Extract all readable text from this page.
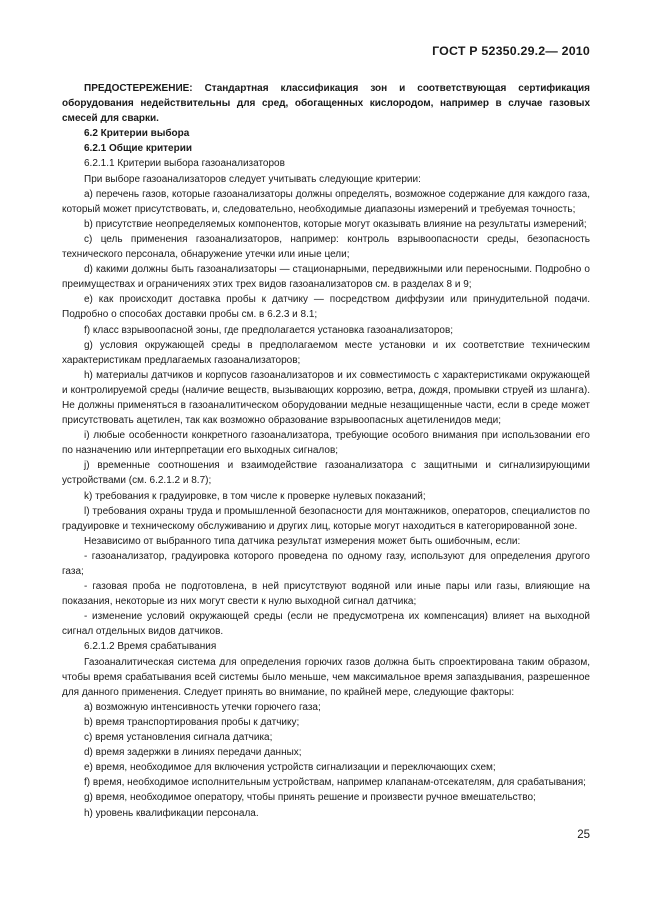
ГОСТ Р 52350.29.2— 2010

ПРЕДОСТЕРЕЖЕНИЕ: Стандартная классификация зон и соответствующая сертификация оборудования недействительны для сред, обогащенных кислородом, например в случае газовых смесей для сварки.

6.2 Критерии выбора

6.2.1 Общие критерии

6.2.1.1 Критерии выбора газоанализаторов

При выборе газоанализаторов следует учитывать следующие критерии:

а) перечень газов, которые газоанализаторы должны определять, возможное содержание для каждого газа, который может присутствовать, и, следовательно, необходимые диапазоны измерений и требуемая точность;

b) присутствие неопределяемых компонентов, которые могут оказывать влияние на результаты измерений;

c) цель применения газоанализаторов, например: контроль взрывоопасности среды, безопасность технического персонала, обнаружение утечки или иные цели;

d) какими должны быть газоанализаторы — стационарными, передвижными или переносными. Подробно о преимуществах и ограничениях этих трех видов газоанализаторов см. в разделах 8 и 9;

e) как происходит доставка пробы к датчику — посредством диффузии или принудительной подачи. Подробно о способах доставки пробы см. в 6.2.3 и 8.1;

f) класс взрывоопасной зоны, где предполагается установка газоанализаторов;

g) условия окружающей среды в предполагаемом месте установки и их соответствие техническим характеристикам предлагаемых газоанализаторов;

h) материалы датчиков и корпусов газоанализаторов и их совместимость с характеристиками окружающей и контролируемой среды (наличие веществ, вызывающих коррозию, ветра, дождя, промывки струей из шланга). Не должны применяться в газоаналитическом оборудовании медные незащищенные части, если в среде может присутствовать ацетилен, так как возможно образование взрывоопасных ацетиленидов меди;

i) любые особенности конкретного газоанализатора, требующие особого внимания при использовании его по назначению или интерпретации его выходных сигналов;

j) временные соотношения и взаимодействие газоанализатора с защитными и сигнализирующими устройствами (см. 6.2.1.2 и 8.7);

k) требования к градуировке, в том числе к проверке нулевых показаний;

l) требования охраны труда и промышленной безопасности для монтажников, операторов, специалистов по градуировке и техническому обслуживанию и других лиц, которые могут находиться в категорированной зоне.

Независимо от выбранного типа датчика результат измерения может быть ошибочным, если:

- газоанализатор, градуировка которого проведена по одному газу, используют для определения другого газа;

- газовая проба не подготовлена, в ней присутствуют водяной или иные пары или газы, влияющие на показания, некоторые из них могут свести к нулю выходной сигнал датчика;

- изменение условий окружающей среды (если не предусмотрена их компенсация) влияет на выходной сигнал отдельных видов датчиков.

6.2.1.2 Время срабатывания

Газоаналитическая система для определения горючих газов должна быть спроектирована таким образом, чтобы время срабатывания всей системы было меньше, чем максимальное время запаздывания, разрешенное для данного применения. Следует принять во внимание, по крайней мере, следующие факторы:

a) возможную интенсивность утечки горючего газа;

b) время транспортирования пробы к датчику;

c) время установления сигнала датчика;

d) время задержки в линиях передачи данных;

e) время, необходимое для включения устройств сигнализации и переключающих схем;

f) время, необходимое исполнительным устройствам, например клапанам-отсекателям, для срабатывания;

g) время, необходимое оператору, чтобы принять решение и произвести ручное вмешательство;

h) уровень квалификации персонала.

25
